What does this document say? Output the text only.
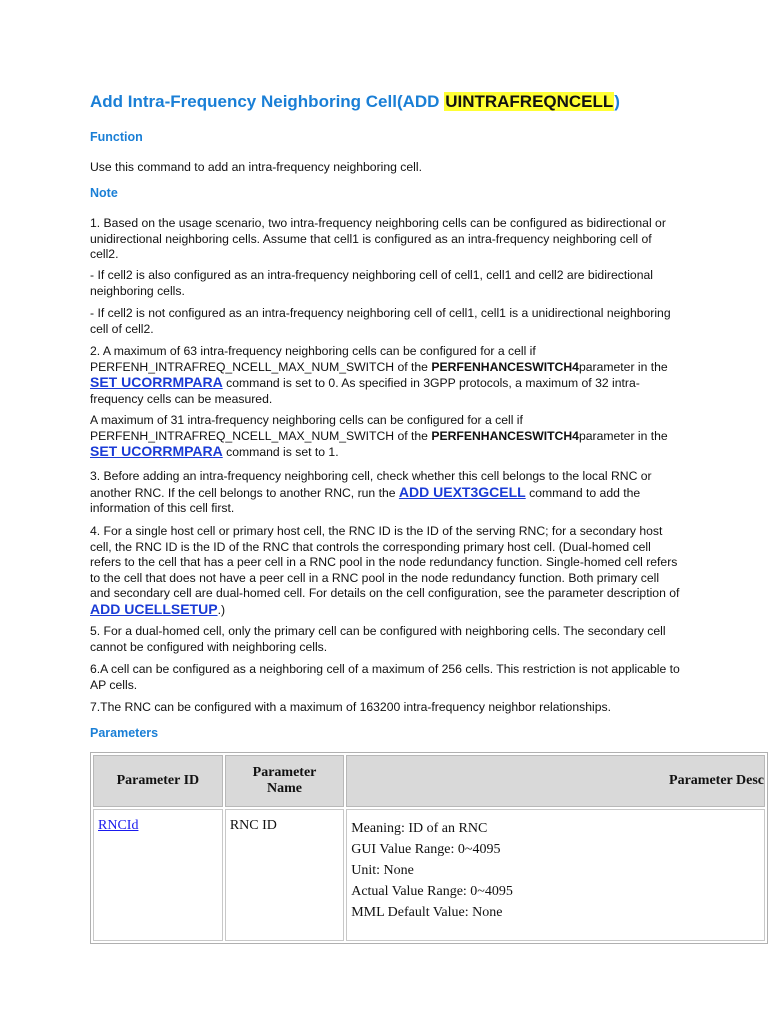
Add Intra-Frequency Neighboring Cell(ADD UINTRAFREQNCELL)
Function
Use this command to add an intra-frequency neighboring cell.
Note
1. Based on the usage scenario, two intra-frequency neighboring cells can be configured as bidirectional or unidirectional neighboring cells. Assume that cell1 is configured as an intra-frequency neighboring cell of cell2.
- If cell2 is also configured as an intra-frequency neighboring cell of cell1, cell1 and cell2 are bidirectional neighboring cells.
- If cell2 is not configured as an intra-frequency neighboring cell of cell1, cell1 is a unidirectional neighboring cell of cell2.
2. A maximum of 63 intra-frequency neighboring cells can be configured for a cell if PERFENH_INTRAFREQ_NCELL_MAX_NUM_SWITCH of the PERFENHANCESWITCH4parameter in the SET UCORRMPARA command is set to 0. As specified in 3GPP protocols, a maximum of 32 intra-frequency cells can be measured.
A maximum of 31 intra-frequency neighboring cells can be configured for a cell if PERFENH_INTRAFREQ_NCELL_MAX_NUM_SWITCH of the PERFENHANCESWITCH4parameter in the SET UCORRMPARA command is set to 1.
3. Before adding an intra-frequency neighboring cell, check whether this cell belongs to the local RNC or another RNC. If the cell belongs to another RNC, run the ADD UEXT3GCELL command to add the information of this cell first.
4. For a single host cell or primary host cell, the RNC ID is the ID of the serving RNC; for a secondary host cell, the RNC ID is the ID of the RNC that controls the corresponding primary host cell. (Dual-homed cell refers to the cell that has a peer cell in a RNC pool in the node redundancy function. Single-homed cell refers to the cell that does not have a peer cell in a RNC pool in the node redundancy function. Both primary cell and secondary cell are dual-homed cell. For details on the cell configuration, see the parameter description of ADD UCELLSETUP.)
5. For a dual-homed cell, only the primary cell can be configured with neighboring cells. The secondary cell cannot be configured with neighboring cells.
6.A cell can be configured as a neighboring cell of a maximum of 256 cells. This restriction is not applicable to AP cells.
7.The RNC can be configured with a maximum of 163200 intra-frequency neighbor relationships.
Parameters
Parameter ID	Parameter Name	Parameter Desc
RNCId	RNC ID	Meaning: ID of an RNC
GUI Value Range: 0~4095
Unit: None
Actual Value Range: 0~4095
MML Default Value: None
